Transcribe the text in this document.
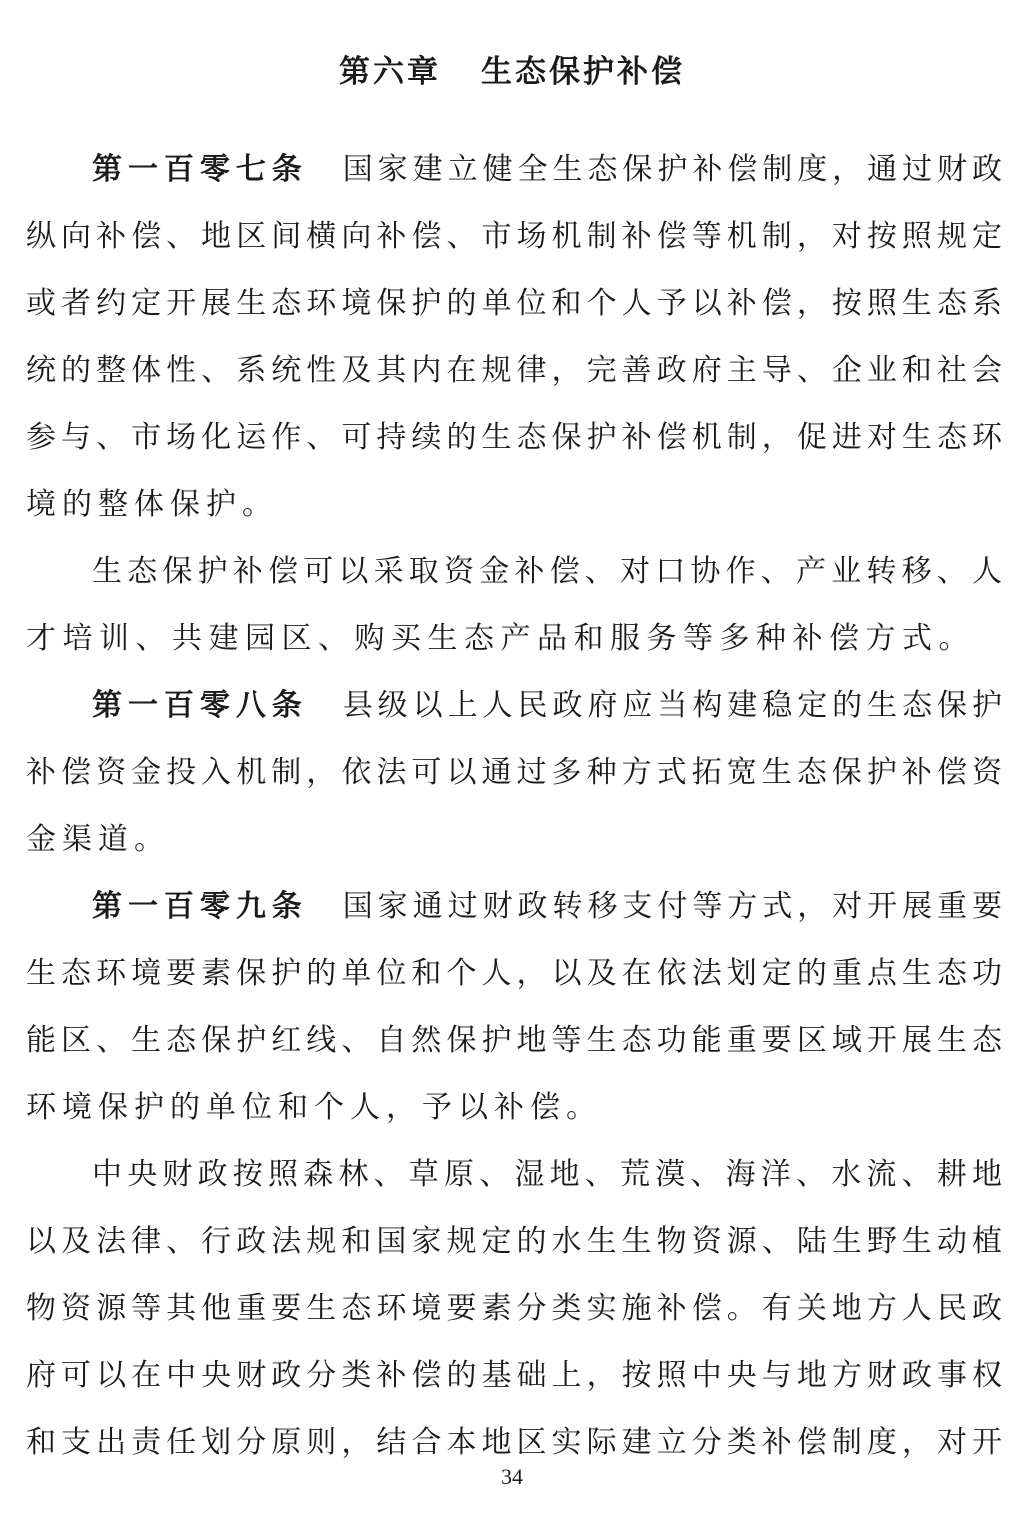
第六章 生态保护补偿
第一百零七条 国家建立健全生态保护补偿制度，通过财政
纵向补偿、地区间横向补偿、市场机制补偿等机制，对按照规定
或者约定开展生态环境保护的单位和个人予以补偿，按照生态系
统的整体性、系统性及其内在规律，完善政府主导、企业和社会
参与、市场化运作、可持续的生态保护补偿机制，促进对生态环
境的整体保护。
生态保护补偿可以采取资金补偿、对口协作、产业转移、人
才培训、共建园区、购买生态产品和服务等多种补偿方式。
第一百零八条 县级以上人民政府应当构建稳定的生态保护
补偿资金投入机制，依法可以通过多种方式拓宽生态保护补偿资
金渠道。
第一百零九条 国家通过财政转移支付等方式，对开展重要
生态环境要素保护的单位和个人，以及在依法划定的重点生态功
能区、生态保护红线、自然保护地等生态功能重要区域开展生态
环境保护的单位和个人，予以补偿。
中央财政按照森林、草原、湿地、荒漠、海洋、水流、耕地
以及法律、行政法规和国家规定的水生生物资源、陆生野生动植
物资源等其他重要生态环境要素分类实施补偿。有关地方人民政
府可以在中央财政分类补偿的基础上，按照中央与地方财政事权
和支出责任划分原则，结合本地区实际建立分类补偿制度，对开
34
